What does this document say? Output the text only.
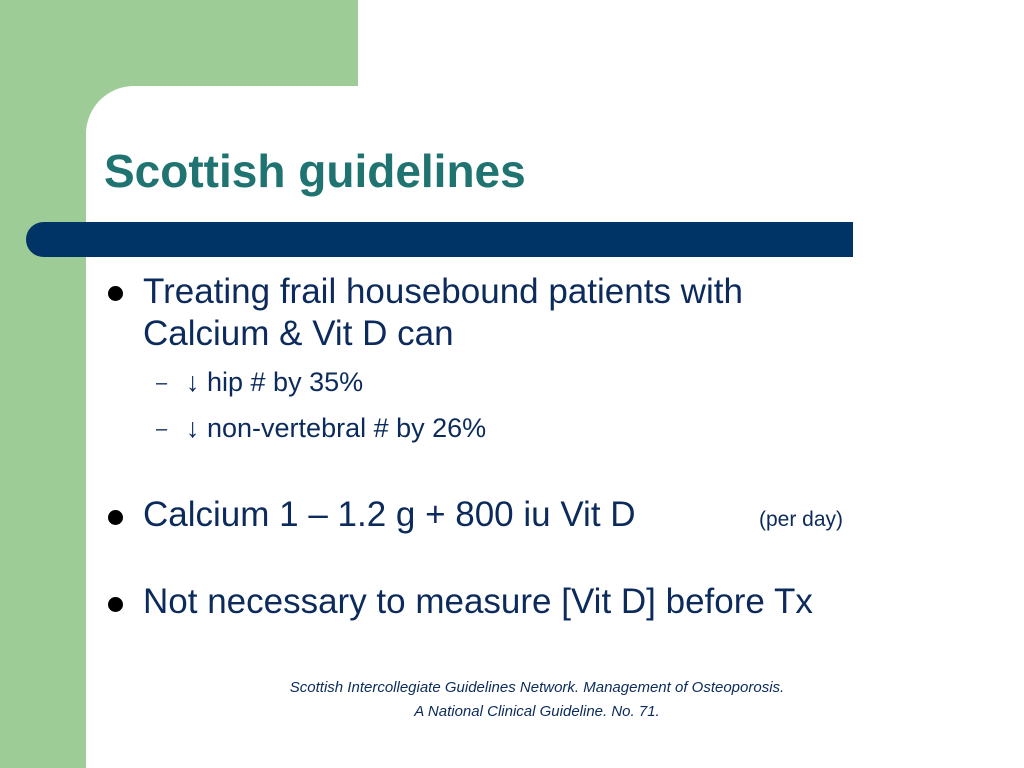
Scottish guidelines

Treating frail housebound patients with

Calcium & Vit D can

– ↓ hip # by 35%

– ↓ non-vertebral # by 26%

Calcium 1 – 1.2 g + 800 iu Vit D	(per day)

Not necessary to measure [Vit D] before Tx

Scottish Intercollegiate Guidelines Network. Management of Osteoporosis.
A National Clinical Guideline. No. 71.
